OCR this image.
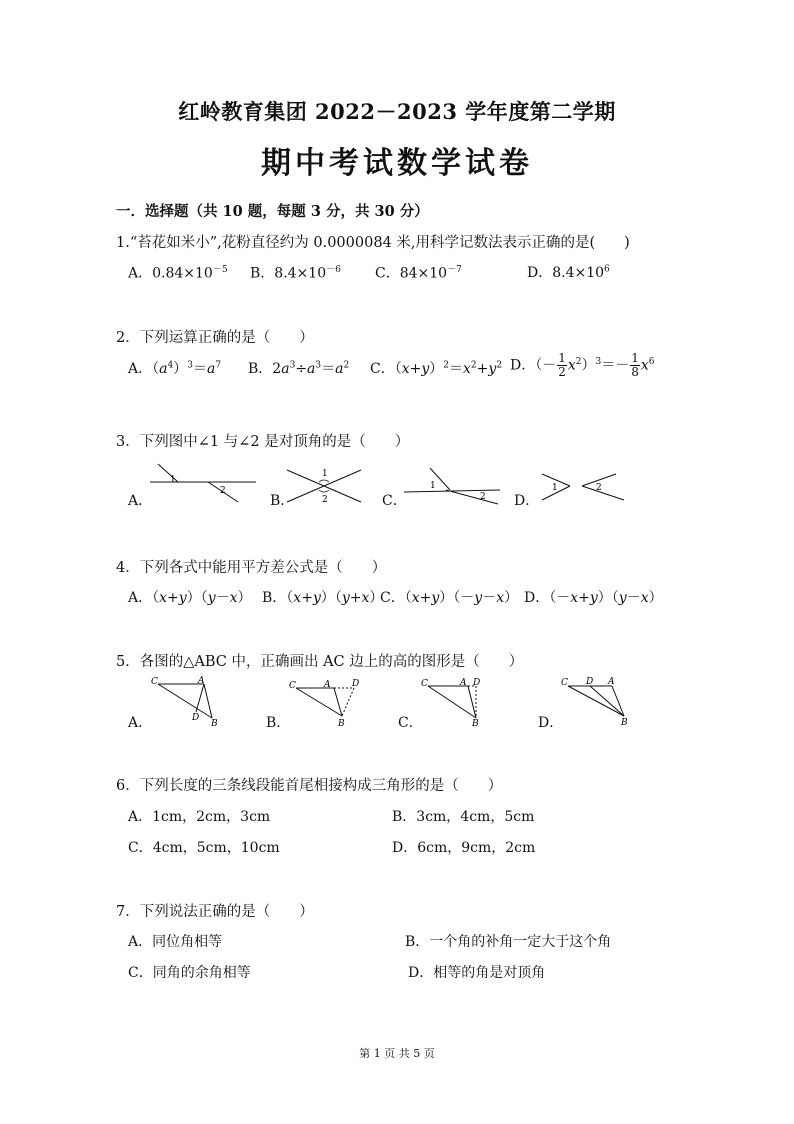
红岭教育集团 2022－2023 学年度第二学期
期中考试数学试卷
一．选择题（共 10 题，每题 3 分，共 30 分）
1.“苔花如米小”,花粉直径约为 0.0000084 米,用科学记数法表示正确的是(　　)
A．$0.84\times 10^{-5}$ B．$8.4\times 10^{-6}$ C．$84\times 10^{-7}$	D．$8.4\times 10^6$
2．下列运算正确的是（　　）
A．$(a^4)^3=a^7$ B．$2a^3\div a^3=a^2$ C．$(x+y)^2=x^2+y^2$ D．（－ $\frac{1}{2} x^2)^3=- \frac{1}{8} x^6$
3．下列图中∠1 与∠2 是对顶角的是（　　）
A．
1
2
B．
1
2	C．
1
2 D．
1	2
4．下列各式中能用平方差公式是（　　）
A．（x+y）（y－x） B．（x+y）（y+x）
C．（x+y）（－y－x） D．（－x+y）（y－x）
5．各图的△ABC 中，正确画出 AC 边上的高的图形是（　　）
A．
C	A
D
B	B．
C	A D
B	C．
C	A D
B	D．
C D A
B
6．下列长度的三条线段能首尾相接构成三角形的是（　　）
A．1cm，2cm，3cm	B．3cm，4cm，5cm
C．4cm，5cm，10cm	D．6cm，9cm，2cm
7．下列说法正确的是（　　）
A．同位角相等	B．一个角的补角一定大于这个角
C．同角的余角相等	D．相等的角是对顶角
第 1 页 共 5 页
